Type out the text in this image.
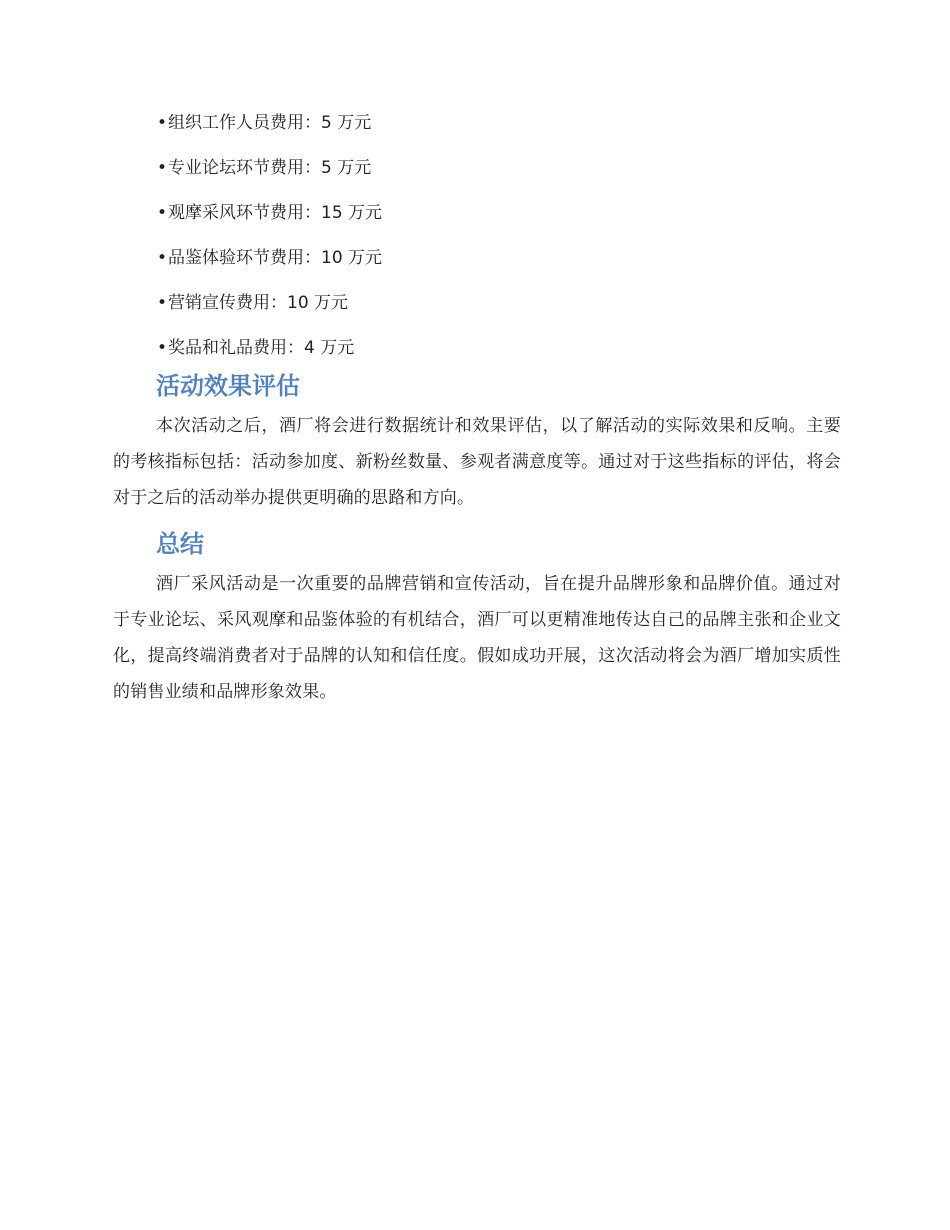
•组织工作人员费用：5 万元
•专业论坛环节费用：5 万元
•观摩采风环节费用：15 万元
•品鉴体验环节费用：10 万元
•营销宣传费用：10 万元
•奖品和礼品费用：4 万元
活动效果评估

本次活动之后，酒厂将会进行数据统计和效果评估，以了解活动的实际效果和反响。主要的考核指标包括：活动参加度、新粉丝数量、参观者满意度等。通过对于这些指标的评估，将会对于之后的活动举办提供更明确的思路和方向。

总结

酒厂采风活动是一次重要的品牌营销和宣传活动，旨在提升品牌形象和品牌价值。通过对于专业论坛、采风观摩和品鉴体验的有机结合，酒厂可以更精准地传达自己的品牌主张和企业文化，提高终端消费者对于品牌的认知和信任度。假如成功开展，这次活动将会为酒厂增加实质性的销售业绩和品牌形象效果。
